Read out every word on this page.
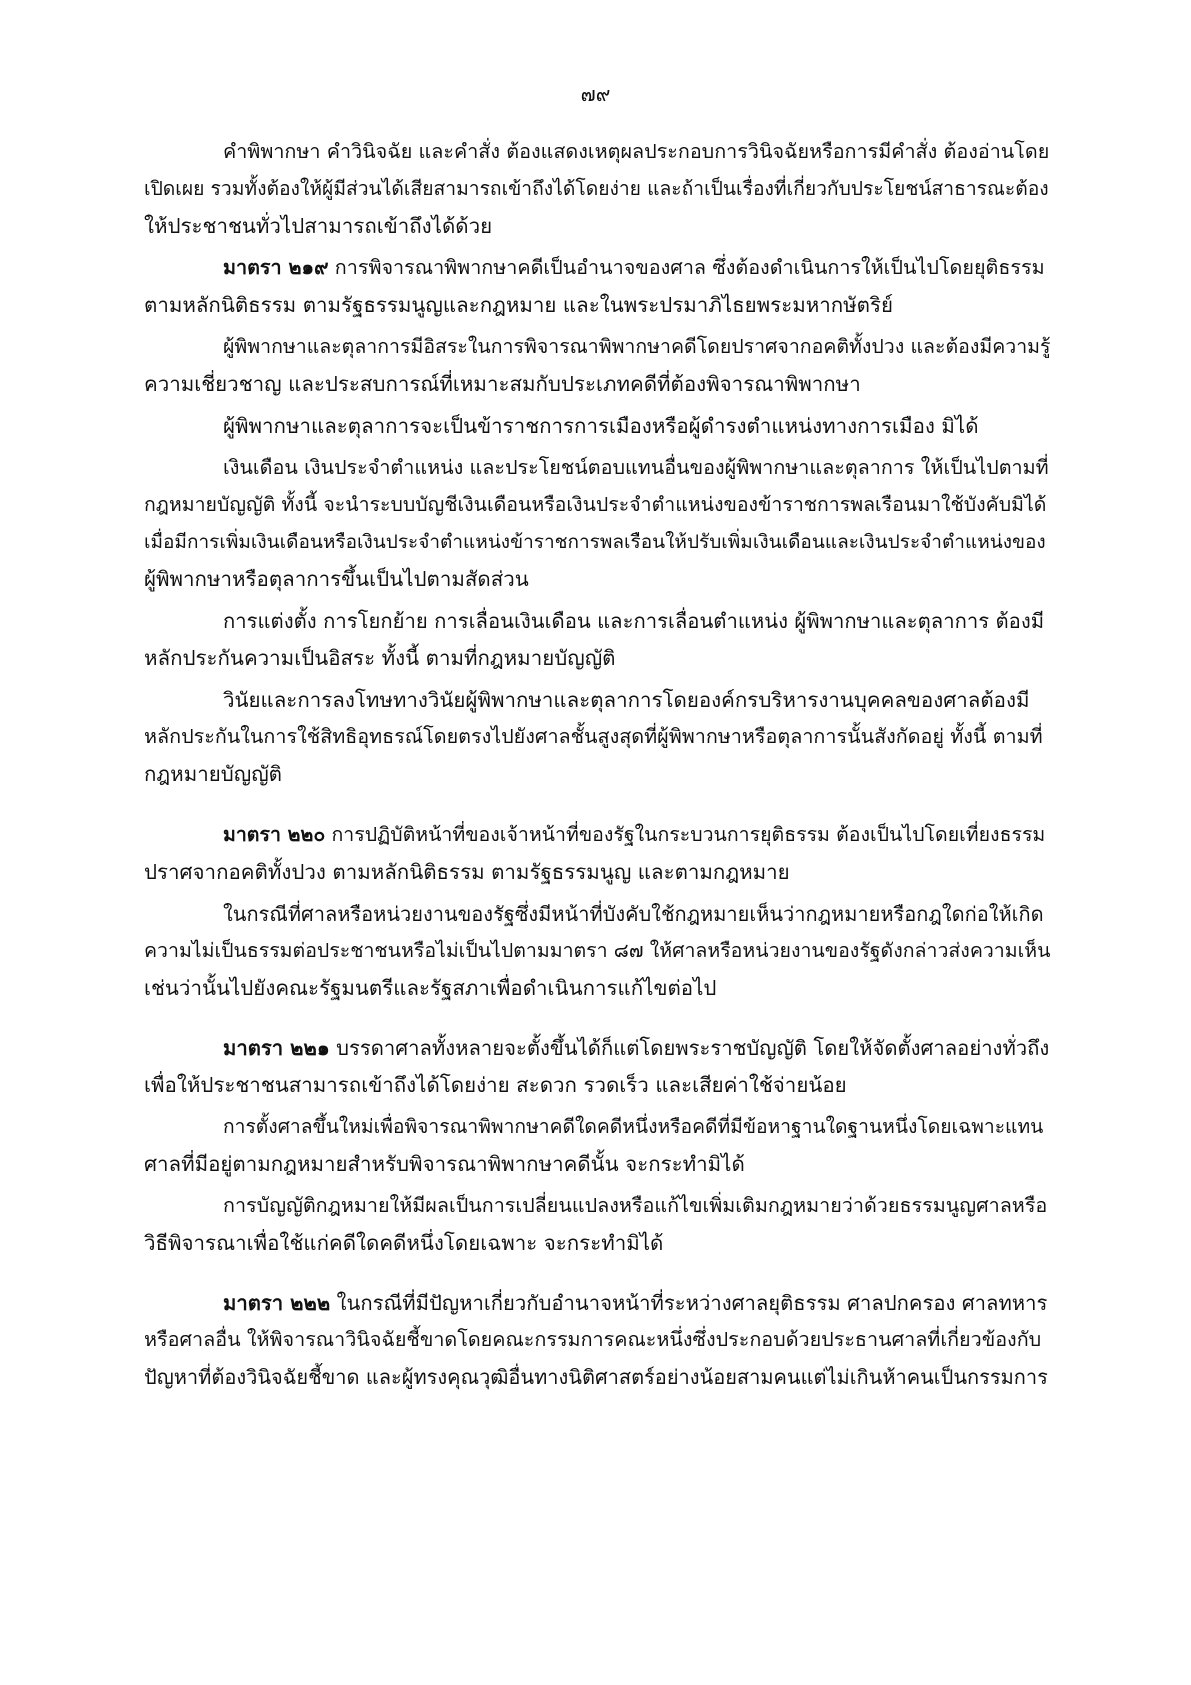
๗๙
คำพิพากษา คำวินิจฉัย และคำสั่ง ต้องแสดงเหตุผลประกอบการวินิจฉัยหรือการมีคำสั่ง ต้องอ่านโดย
เปิดเผย รวมทั้งต้องให้ผู้มีส่วนได้เสียสามารถเข้าถึงได้โดยง่าย และถ้าเป็นเรื่องที่เกี่ยวกับประโยชน์สาธารณะต้อง
ให้ประชาชนทั่วไปสามารถเข้าถึงได้ด้วย
มาตรา ๒๑๙ การพิจารณาพิพากษาคดีเป็นอำนาจของศาล ซึ่งต้องดำเนินการให้เป็นไปโดยยุติธรรม
ตามหลักนิติธรรม ตามรัฐธรรมนูญและกฎหมาย และในพระปรมาภิไธยพระมหากษัตริย์
ผู้พิพากษาและตุลาการมีอิสระในการพิจารณาพิพากษาคดีโดยปราศจากอคติทั้งปวง และต้องมีความรู้
ความเชี่ยวชาญ และประสบการณ์ที่เหมาะสมกับประเภทคดีที่ต้องพิจารณาพิพากษา
ผู้พิพากษาและตุลาการจะเป็นข้าราชการการเมืองหรือผู้ดำรงตำแหน่งทางการเมือง มิได้
เงินเดือน เงินประจำตำแหน่ง และประโยชน์ตอบแทนอื่นของผู้พิพากษาและตุลาการ ให้เป็นไปตามที่
กฎหมายบัญญัติ ทั้งนี้ จะนำระบบบัญชีเงินเดือนหรือเงินประจำตำแหน่งของข้าราชการพลเรือนมาใช้บังคับมิได้
เมื่อมีการเพิ่มเงินเดือนหรือเงินประจำตำแหน่งข้าราชการพลเรือนให้ปรับเพิ่มเงินเดือนและเงินประจำตำแหน่งของ
ผู้พิพากษาหรือตุลาการขึ้นเป็นไปตามสัดส่วน
การแต่งตั้ง การโยกย้าย การเลื่อนเงินเดือน และการเลื่อนตำแหน่ง ผู้พิพากษาและตุลาการ ต้องมี
หลักประกันความเป็นอิสระ ทั้งนี้ ตามที่กฎหมายบัญญัติ
วินัยและการลงโทษทางวินัยผู้พิพากษาและตุลาการโดยองค์กรบริหารงานบุคคลของศาลต้องมี
หลักประกันในการใช้สิทธิอุทธรณ์โดยตรงไปยังศาลชั้นสูงสุดที่ผู้พิพากษาหรือตุลาการนั้นสังกัดอยู่ ทั้งนี้ ตามที่
กฎหมายบัญญัติ
มาตรา ๒๒๐ การปฏิบัติหน้าที่ของเจ้าหน้าที่ของรัฐในกระบวนการยุติธรรม ต้องเป็นไปโดยเที่ยงธรรม
ปราศจากอคติทั้งปวง ตามหลักนิติธรรม ตามรัฐธรรมนูญ และตามกฎหมาย
ในกรณีที่ศาลหรือหน่วยงานของรัฐซึ่งมีหน้าที่บังคับใช้กฎหมายเห็นว่ากฎหมายหรือกฎใดก่อให้เกิด
ความไม่เป็นธรรมต่อประชาชนหรือไม่เป็นไปตามมาตรา ๘๗ ให้ศาลหรือหน่วยงานของรัฐดังกล่าวส่งความเห็น
เช่นว่านั้นไปยังคณะรัฐมนตรีและรัฐสภาเพื่อดำเนินการแก้ไขต่อไป
มาตรา ๒๒๑ บรรดาศาลทั้งหลายจะตั้งขึ้นได้ก็แต่โดยพระราชบัญญัติ โดยให้จัดตั้งศาลอย่างทั่วถึง
เพื่อให้ประชาชนสามารถเข้าถึงได้โดยง่าย สะดวก รวดเร็ว และเสียค่าใช้จ่ายน้อย
การตั้งศาลขึ้นใหม่เพื่อพิจารณาพิพากษาคดีใดคดีหนึ่งหรือคดีที่มีข้อหาฐานใดฐานหนึ่งโดยเฉพาะแทน
ศาลที่มีอยู่ตามกฎหมายสำหรับพิจารณาพิพากษาคดีนั้น จะกระทำมิได้
การบัญญัติกฎหมายให้มีผลเป็นการเปลี่ยนแปลงหรือแก้ไขเพิ่มเติมกฎหมายว่าด้วยธรรมนูญศาลหรือ
วิธีพิจารณาเพื่อใช้แก่คดีใดคดีหนึ่งโดยเฉพาะ จะกระทำมิได้
มาตรา ๒๒๒ ในกรณีที่มีปัญหาเกี่ยวกับอำนาจหน้าที่ระหว่างศาลยุติธรรม ศาลปกครอง ศาลทหาร
หรือศาลอื่น ให้พิจารณาวินิจฉัยชี้ขาดโดยคณะกรรมการคณะหนึ่งซึ่งประกอบด้วยประธานศาลที่เกี่ยวข้องกับ
ปัญหาที่ต้องวินิจฉัยชี้ขาด และผู้ทรงคุณวุฒิอื่นทางนิติศาสตร์อย่างน้อยสามคนแต่ไม่เกินห้าคนเป็นกรรมการ
